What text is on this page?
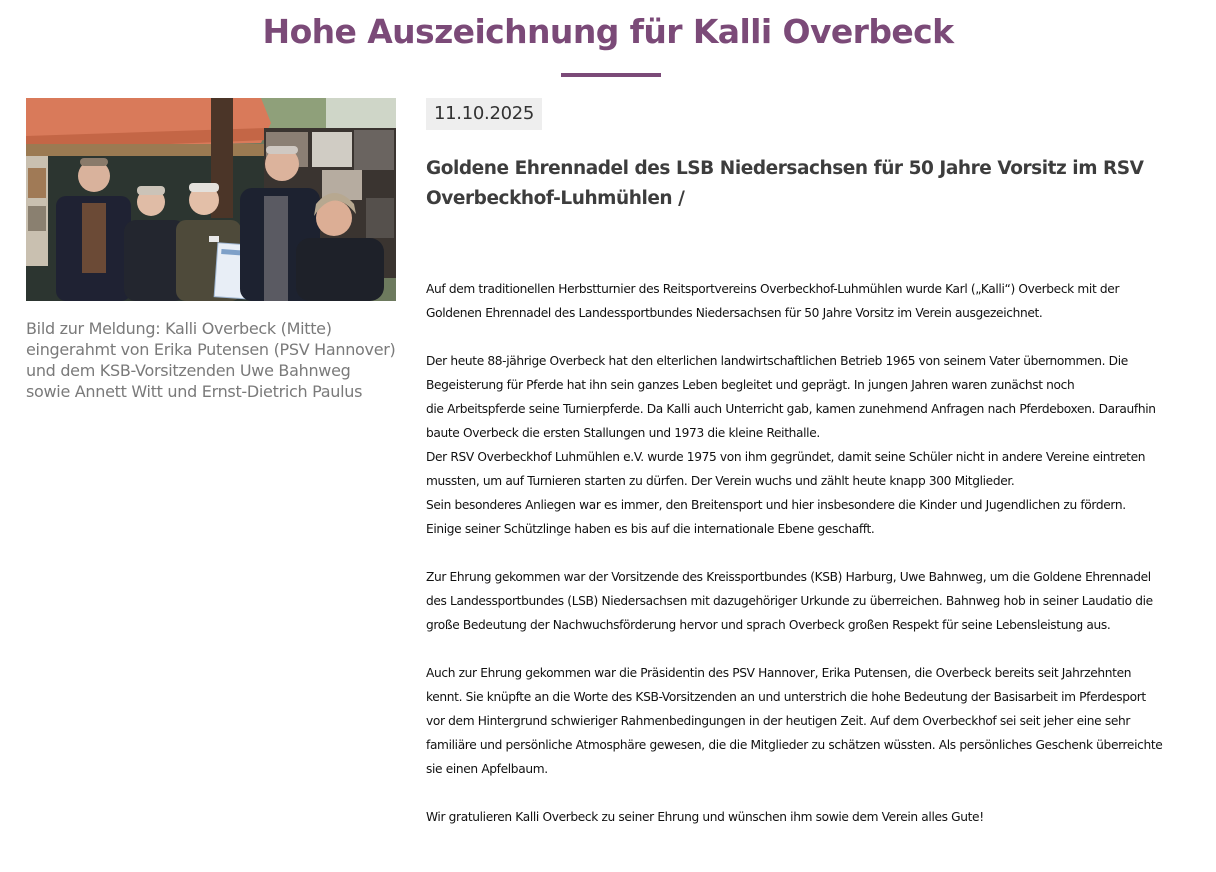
Hohe Auszeichnung für Kalli Overbeck

Bild zur Meldung: Kalli Overbeck (Mitte) eingerahmt von Erika Putensen (PSV Hannover) und dem KSB-Vorsitzenden Uwe Bahnweg sowie Annett Witt und Ernst-Dietrich Paulus

11.10.2025
Goldene Ehrennadel des LSB Niedersachsen für 50 Jahre Vorsitz im RSV Overbeckhof-Luhmühlen /

Auf dem traditionellen Herbstturnier des Reitsportvereins Overbeckhof-Luhmühlen wurde Karl („Kalli“) Overbeck mit der
Goldenen Ehrennadel des Landessportbundes Niedersachsen für 50 Jahre Vorsitz im Verein ausgezeichnet.

Der heute 88-jährige Overbeck hat den elterlichen landwirtschaftlichen Betrieb 1965 von seinem Vater übernommen. Die
Begeisterung für Pferde hat ihn sein ganzes Leben begleitet und geprägt. In jungen Jahren waren zunächst noch
die Arbeitspferde seine Turnierpferde. Da Kalli auch Unterricht gab, kamen zunehmend Anfragen nach Pferdeboxen. Daraufhin
baute Overbeck die ersten Stallungen und 1973 die kleine Reithalle.
Der RSV Overbeckhof Luhmühlen e.V. wurde 1975 von ihm gegründet, damit seine Schüler nicht in andere Vereine eintreten
mussten, um auf Turnieren starten zu dürfen. Der Verein wuchs und zählt heute knapp 300 Mitglieder.
Sein besonderes Anliegen war es immer, den Breitensport und hier insbesondere die Kinder und Jugendlichen zu fördern.
Einige seiner Schützlinge haben es bis auf die internationale Ebene geschafft.

Zur Ehrung gekommen war der Vorsitzende des Kreissportbundes (KSB) Harburg, Uwe Bahnweg, um die Goldene Ehrennadel
des Landessportbundes (LSB) Niedersachsen mit dazugehöriger Urkunde zu überreichen. Bahnweg hob in seiner Laudatio die
große Bedeutung der Nachwuchsförderung hervor und sprach Overbeck großen Respekt für seine Lebensleistung aus.

Auch zur Ehrung gekommen war die Präsidentin des PSV Hannover, Erika Putensen, die Overbeck bereits seit Jahrzehnten
kennt. Sie knüpfte an die Worte des KSB-Vorsitzenden an und unterstrich die hohe Bedeutung der Basisarbeit im Pferdesport
vor dem Hintergrund schwieriger Rahmenbedingungen in der heutigen Zeit. Auf dem Overbeckhof sei seit jeher eine sehr
familiäre und persönliche Atmosphäre gewesen, die die Mitglieder zu schätzen wüssten. Als persönliches Geschenk überreichte
sie einen Apfelbaum.

Wir gratulieren Kalli Overbeck zu seiner Ehrung und wünschen ihm sowie dem Verein alles Gute!
